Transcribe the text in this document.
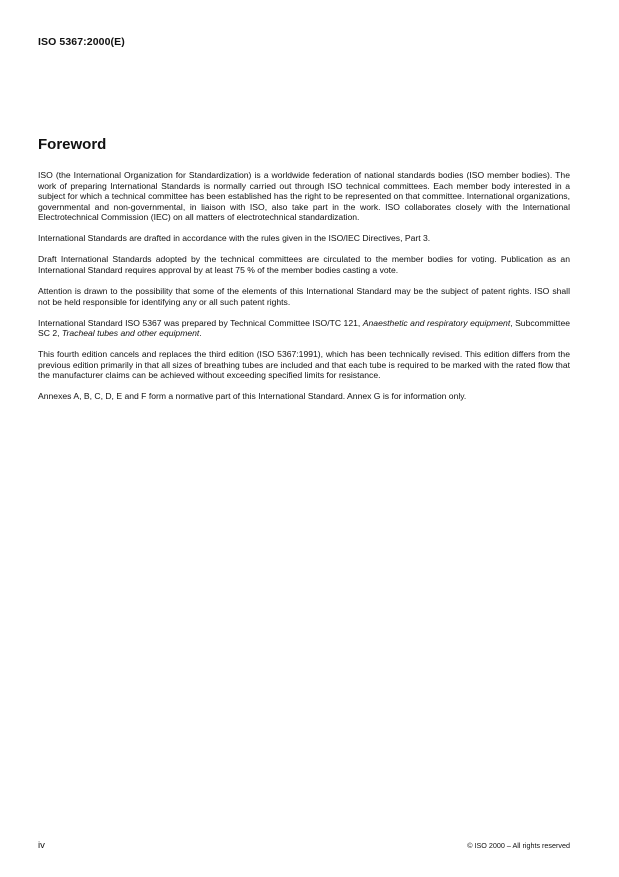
ISO 5367:2000(E)
Foreword

ISO (the International Organization for Standardization) is a worldwide federation of national standards bodies (ISO member bodies). The work of preparing International Standards is normally carried out through ISO technical committees. Each member body interested in a subject for which a technical committee has been established has the right to be represented on that committee. International organizations, governmental and non-governmental, in liaison with ISO, also take part in the work. ISO collaborates closely with the International Electrotechnical Commission (IEC) on all matters of electrotechnical standardization.

International Standards are drafted in accordance with the rules given in the ISO/IEC Directives, Part 3.

Draft International Standards adopted by the technical committees are circulated to the member bodies for voting. Publication as an International Standard requires approval by at least 75 % of the member bodies casting a vote.

Attention is drawn to the possibility that some of the elements of this International Standard may be the subject of patent rights. ISO shall not be held responsible for identifying any or all such patent rights.

International Standard ISO 5367 was prepared by Technical Committee ISO/TC 121, Anaesthetic and respiratory equipment, Subcommittee SC 2, Tracheal tubes and other equipment.

This fourth edition cancels and replaces the third edition (ISO 5367:1991), which has been technically revised. This edition differs from the previous edition primarily in that all sizes of breathing tubes are included and that each tube is required to be marked with the rated flow that the manufacturer claims can be achieved without exceeding specified limits for resistance.

Annexes A, B, C, D, E and F form a normative part of this International Standard. Annex G is for information only.

iv	© ISO 2000 – All rights reserved
